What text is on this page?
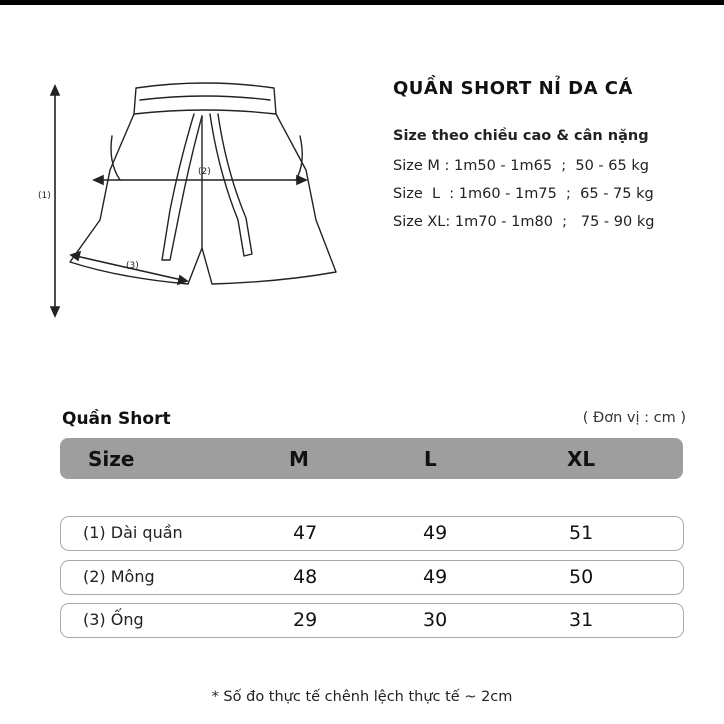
(1)
(2)
(3)
QUẦN SHORT NỈ DA CÁ
Size theo chiều cao & cân nặng
Size M : 1m50 - 1m65  ;  50 - 65 kg
Size  L  : 1m60 - 1m75  ;  65 - 75 kg
Size XL: 1m70 - 1m80  ;   75 - 90 kg
Quần Short	( Đơn vị : cm )
Size	M	L	XL
(1) Dài quần	47	49	51
(2) Mông	48	49	50
(3) Ống	29	30	31
* Số đo thực tế chênh lệch thực tế ~ 2cm
